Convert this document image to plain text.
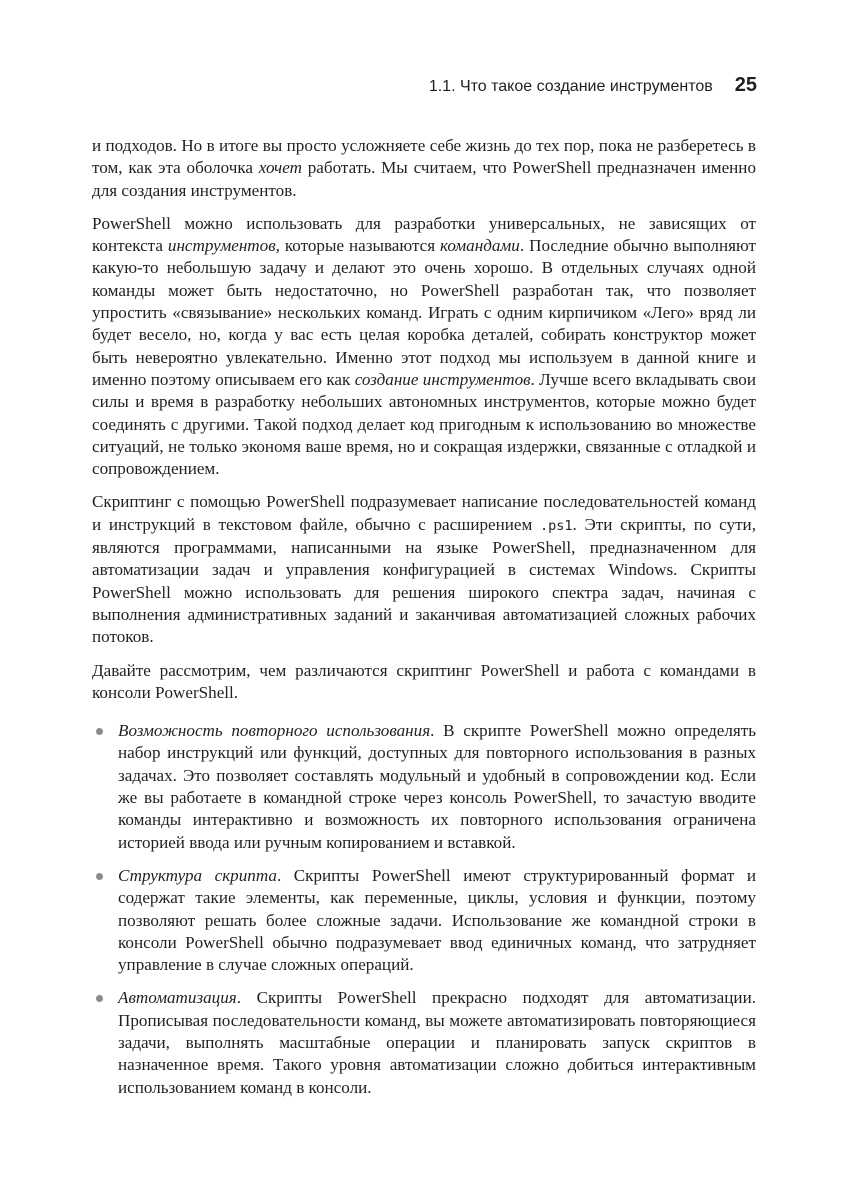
1.1. Что такое создание инструментов 25

и подходов. Но в итоге вы просто усложняете себе жизнь до тех пор, пока не разберетесь в том, как эта оболочка хочет работать. Мы считаем, что PowerShell предназначен именно для создания инструментов.

PowerShell можно использовать для разработки универсальных, не зависящих от контекста инструментов, которые называются командами. Последние обычно выполняют какую-то небольшую задачу и делают это очень хорошо. В отдельных случаях одной команды может быть недостаточно, но PowerShell разработан так, что позволяет упростить «связывание» нескольких команд. Играть с одним кирпичиком «Лего» вряд ли будет весело, но, когда у вас есть целая коробка деталей, собирать конструктор может быть невероятно увлекательно. Именно этот подход мы используем в данной книге и именно поэтому описываем его как создание инструментов. Лучше всего вкладывать свои силы и время в разработку небольших автономных инструментов, которые можно будет соединять с другими. Такой подход делает код пригодным к использованию во множестве ситуаций, не только экономя ваше время, но и сокращая издержки, связанные с отладкой и сопровождением.

Скриптинг с помощью PowerShell подразумевает написание последовательностей команд и инструкций в текстовом файле, обычно с расширением .ps1. Эти скрипты, по сути, являются программами, написанными на языке PowerShell, предназначенном для автоматизации задач и управления конфигурацией в системах Windows. Скрипты PowerShell можно использовать для решения широкого спектра задач, начиная с выполнения административных заданий и заканчивая автоматизацией сложных рабочих потоков.

Давайте рассмотрим, чем различаются скриптинг PowerShell и работа с командами в консоли PowerShell.

Возможность повторного использования. В скрипте PowerShell можно определять набор инструкций или функций, доступных для повторного использования в разных задачах. Это позволяет составлять модульный и удобный в сопровождении код. Если же вы работаете в командной строке через консоль PowerShell, то зачастую вводите команды интерактивно и возможность их повторного использования ограничена историей ввода или ручным копированием и вставкой.
Структура скрипта. Скрипты PowerShell имеют структурированный формат и содержат такие элементы, как переменные, циклы, условия и функции, поэтому позволяют решать более сложные задачи. Использование же командной строки в консоли PowerShell обычно подразумевает ввод единичных команд, что затрудняет управление в случае сложных операций.
Автоматизация. Скрипты PowerShell прекрасно подходят для автоматизации. Прописывая последовательности команд, вы можете автоматизировать повторяющиеся задачи, выполнять масштабные операции и планировать запуск скриптов в назначенное время. Такого уровня автоматизации сложно добиться интерактивным использованием команд в консоли.
